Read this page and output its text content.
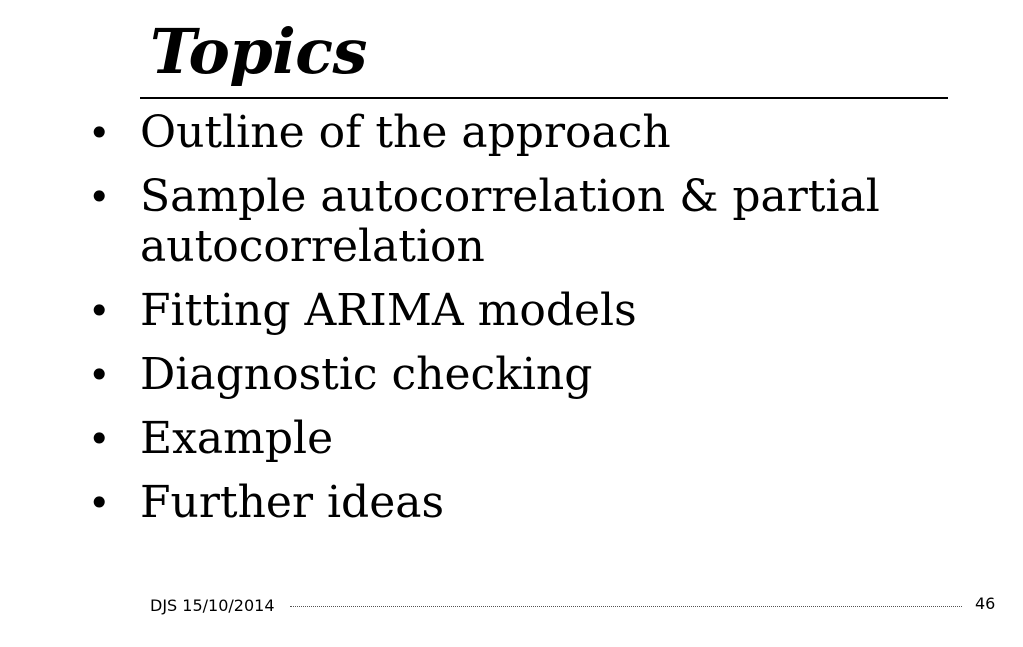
Topics
• Outline of the approach
• Sample autocorrelation & partial autocorrelation
• Fitting ARIMA models
• Diagnostic checking
• Example
• Further ideas
DJS 15/10/2014	46
